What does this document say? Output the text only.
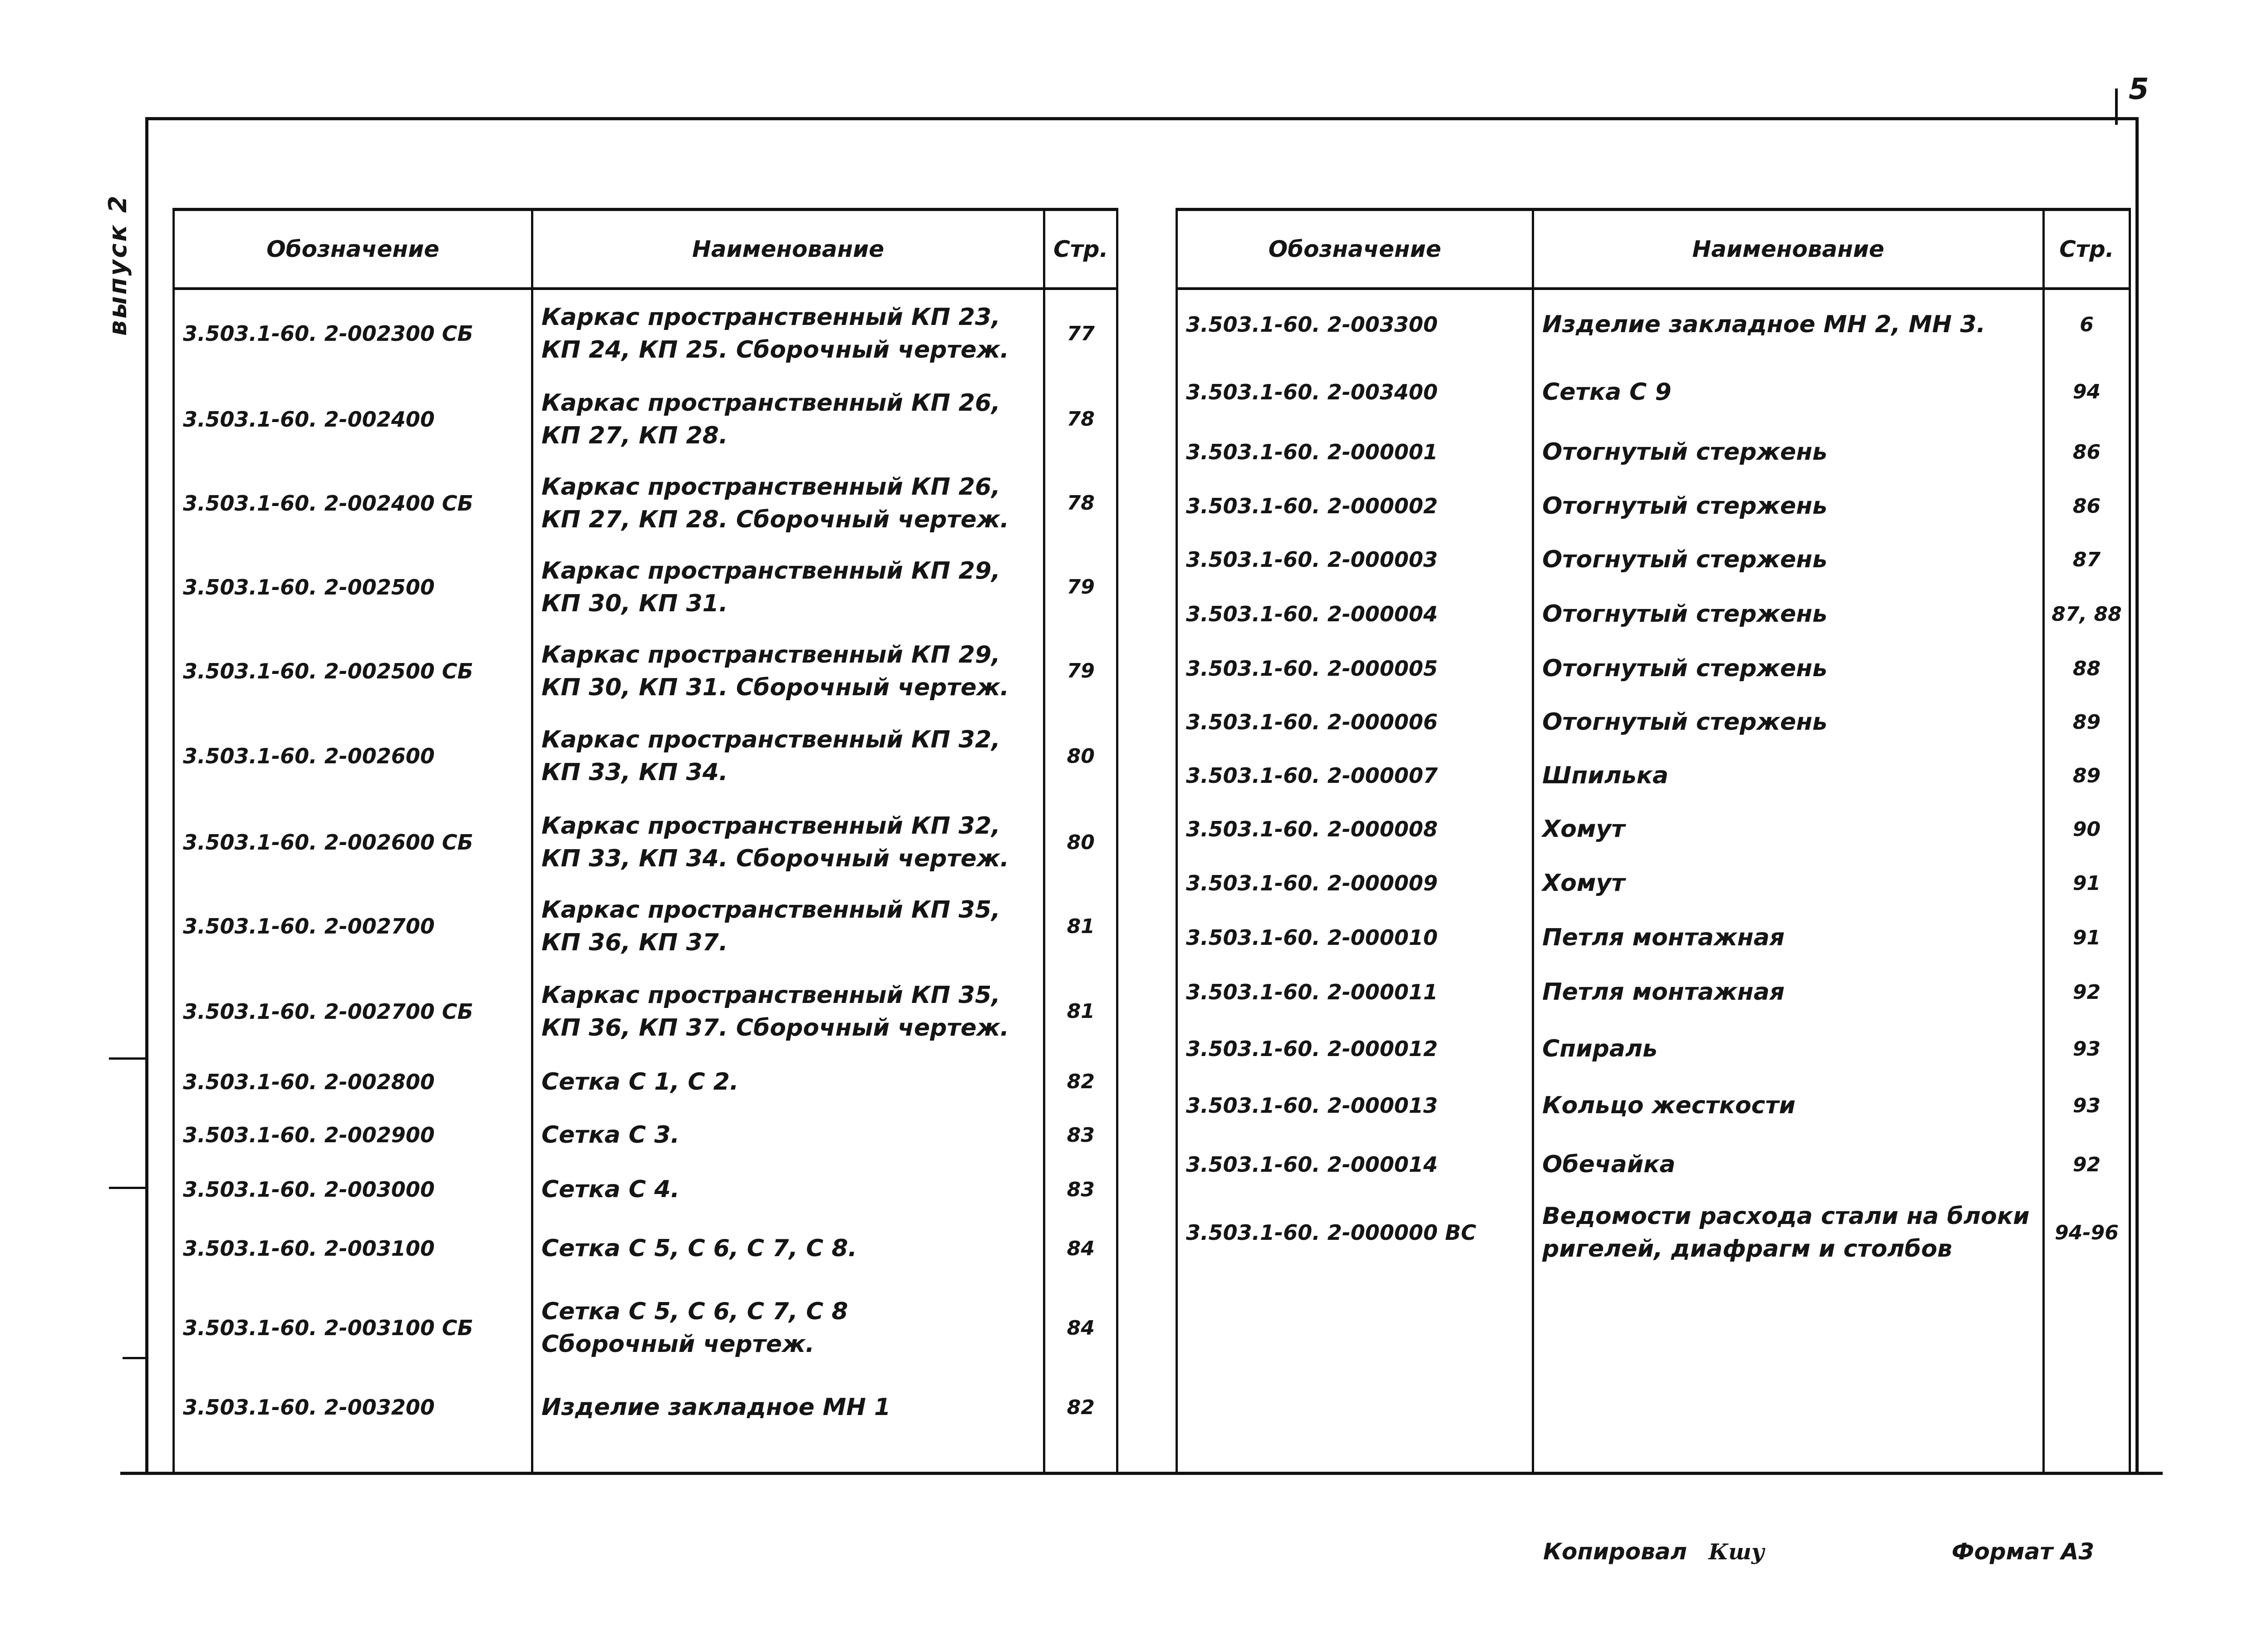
5
выпуск 2	Обозначение	Наименование	Стр.
3.503.1-60. 2-002300 СБ	Каркас пространственный КП 23,
КП 24, КП 25. Сборочный чертеж.	77
3.503.1-60. 2-002400	Каркас пространственный КП 26,
КП 27, КП 28.	78
3.503.1-60. 2-002400 СБ	Каркас пространственный КП 26,
КП 27, КП 28. Сборочный чертеж.	78
3.503.1-60. 2-002500	Каркас пространственный КП 29,
КП 30, КП 31.	79
3.503.1-60. 2-002500 СБ	Каркас пространственный КП 29,
КП 30, КП 31. Сборочный чертеж.	79
3.503.1-60. 2-002600	Каркас пространственный КП 32,
КП 33, КП 34.	80
3.503.1-60. 2-002600 СБ	Каркас пространственный КП 32,
КП 33, КП 34. Сборочный чертеж.	80
3.503.1-60. 2-002700	Каркас пространственный КП 35,
КП 36, КП 37.	81
3.503.1-60. 2-002700 СБ	Каркас пространственный КП 35,
КП 36, КП 37. Сборочный чертеж.	81
3.503.1-60. 2-002800	Сетка С 1, С 2.	82
3.503.1-60. 2-002900	Сетка С 3.	83
3.503.1-60. 2-003000	Сетка С 4.	83
3.503.1-60. 2-003100	Сетка С 5, С 6, С 7, С 8.	84
3.503.1-60. 2-003100 СБ	Сетка С 5, С 6, С 7, С 8
Сборочный чертеж.	84
3.503.1-60. 2-003200	Изделие закладное МН 1	82

Обозначение	Наименование	Стр.
3.503.1-60. 2-003300	Изделие закладное МН 2, МН 3.	6
3.503.1-60. 2-003400	Сетка С 9	94
3.503.1-60. 2-000001	Отогнутый стержень	86
3.503.1-60. 2-000002	Отогнутый стержень	86
3.503.1-60. 2-000003	Отогнутый стержень	87
3.503.1-60. 2-000004	Отогнутый стержень	87, 88
3.503.1-60. 2-000005	Отогнутый стержень	88
3.503.1-60. 2-000006	Отогнутый стержень	89
3.503.1-60. 2-000007	Шпилька	89
3.503.1-60. 2-000008	Хомут	90
3.503.1-60. 2-000009	Хомут	91
3.503.1-60. 2-000010	Петля монтажная	91
3.503.1-60. 2-000011	Петля монтажная	92
3.503.1-60. 2-000012	Спираль	93
3.503.1-60. 2-000013	Кольцо жесткости	93
3.503.1-60. 2-000014	Обечайка	92
3.503.1-60. 2-000000 ВС	Ведомости расхода стали на блоки
ригелей, диафрагм и столбов	94-96

Копировал Кшу	Формат А3
